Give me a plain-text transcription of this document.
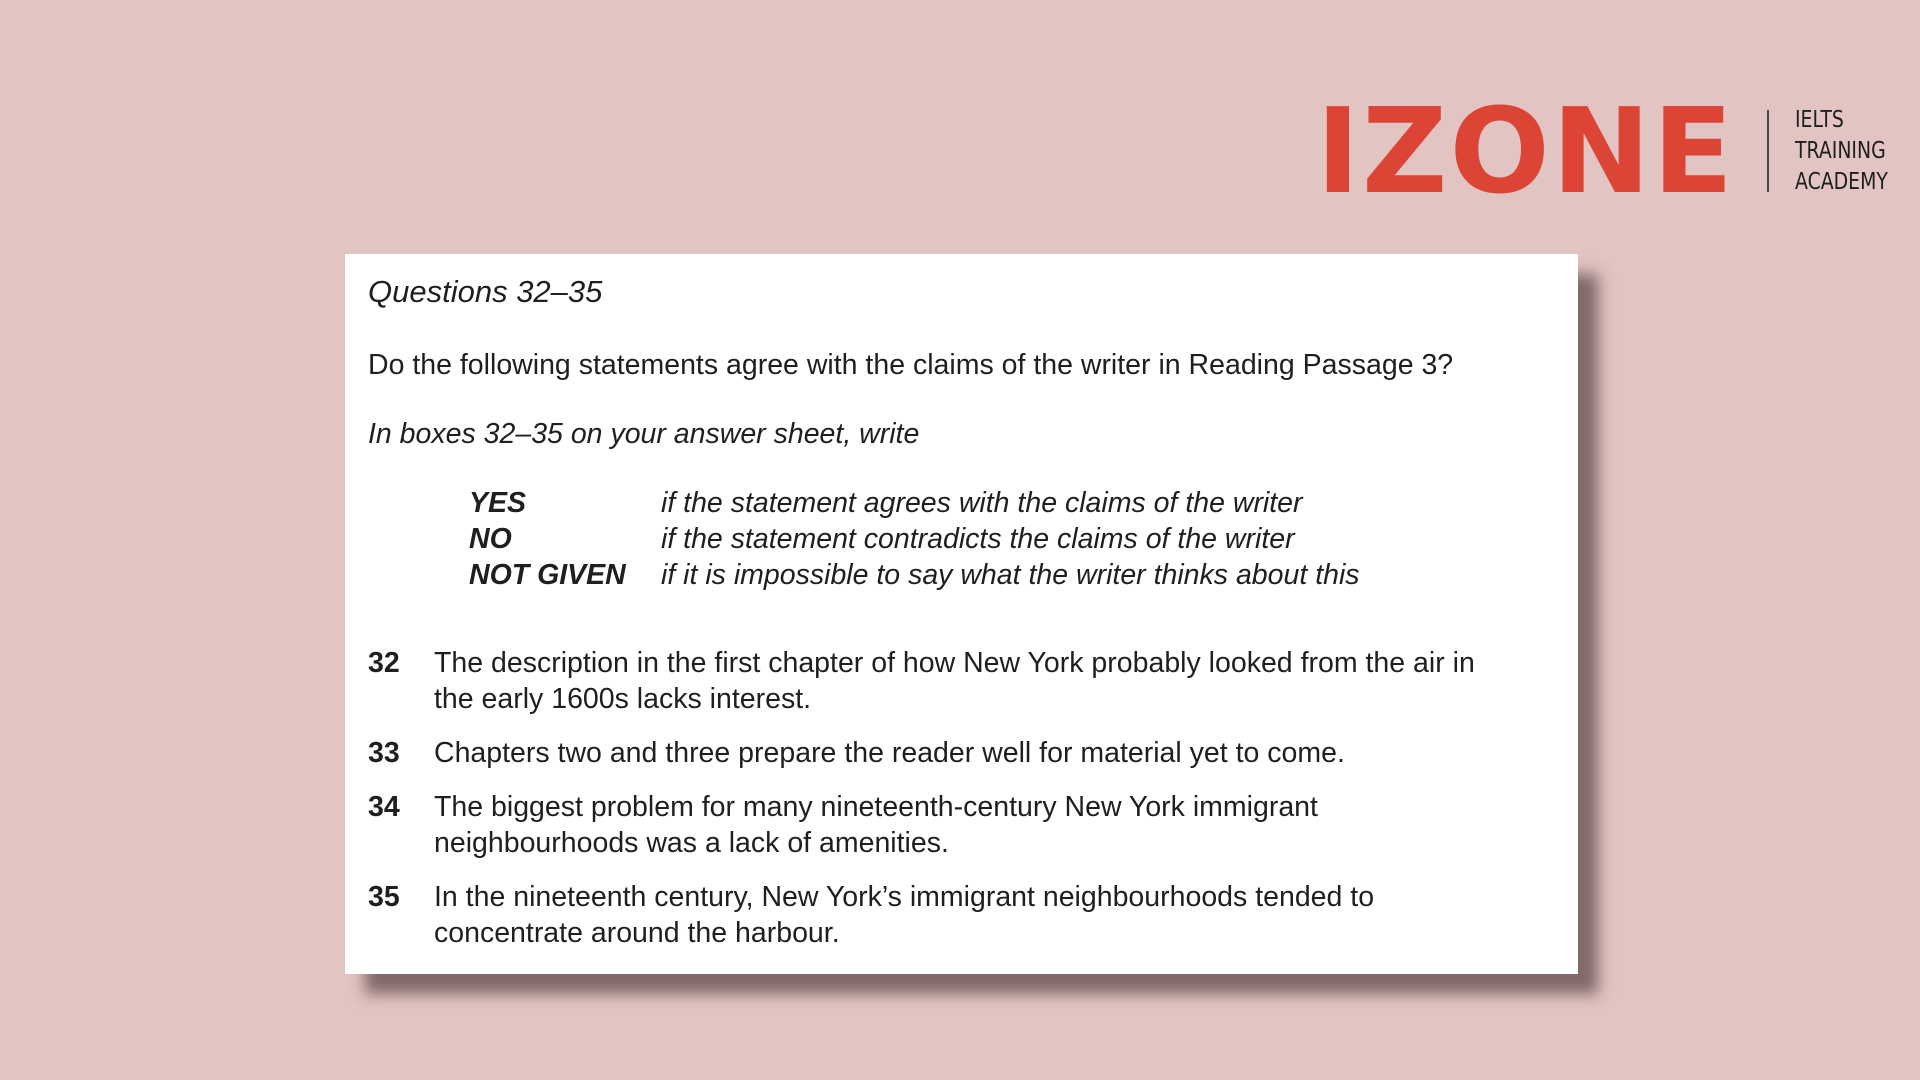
IZONE	IELTS
TRAINING
ACADEMY
Questions 32–35
Do the following statements agree with the claims of the writer in Reading Passage 3?
In boxes 32–35 on your answer sheet, write
YES	if the statement agrees with the claims of the writer
NO	if the statement contradicts the claims of the writer
NOT GIVEN	if it is impossible to say what the writer thinks about this
32	The description in the first chapter of how New York probably looked from the air in
the early 1600s lacks interest.
33	Chapters two and three prepare the reader well for material yet to come.
34	The biggest problem for many nineteenth-century New York immigrant
neighbourhoods was a lack of amenities.
35	In the nineteenth century, New York’s immigrant neighbourhoods tended to
concentrate around the harbour.
